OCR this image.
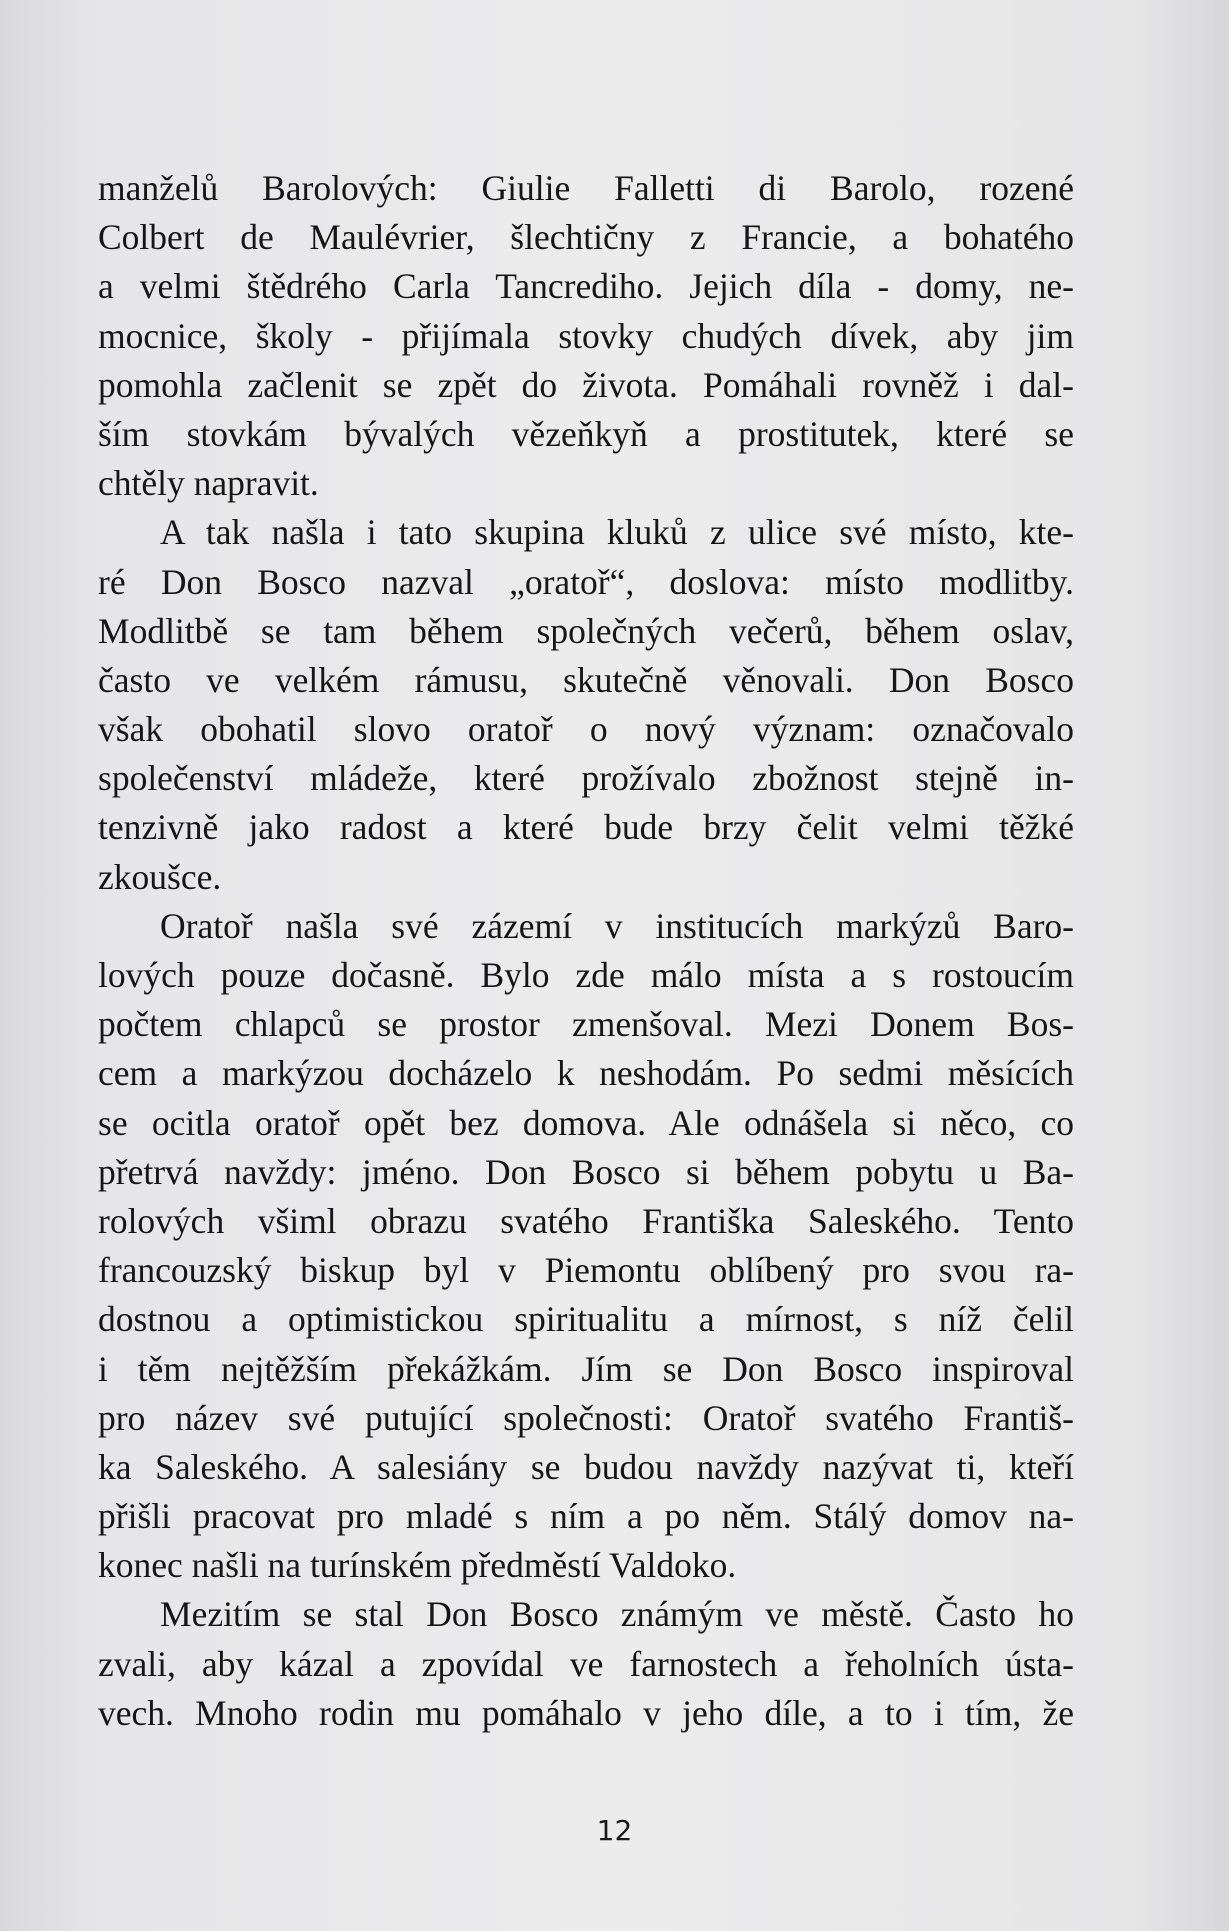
manželů Barolových: Giulie Falletti di Barolo, rozené
Colbert de Maulévrier, šlechtičny z Francie, a bohatého
a velmi štědrého Carla Tancrediho. Jejich díla - domy, ne-
mocnice, školy - přijímala stovky chudých dívek, aby jim
pomohla začlenit se zpět do života. Pomáhali rovněž i dal-
ším stovkám bývalých vězeňkyň a prostitutek, které se
chtěly napravit.
A tak našla i tato skupina kluků z ulice své místo, kte-
ré Don Bosco nazval „oratoř“, doslova: místo modlitby.
Modlitbě se tam během společných večerů, během oslav,
často ve velkém rámusu, skutečně věnovali. Don Bosco
však obohatil slovo oratoř o nový význam: označovalo
společenství mládeže, které prožívalo zbožnost stejně in-
tenzivně jako radost a které bude brzy čelit velmi těžké
zkoušce.
Oratoř našla své zázemí v institucích markýzů Baro-
lových pouze dočasně. Bylo zde málo místa a s rostoucím
počtem chlapců se prostor zmenšoval. Mezi Donem Bos-
cem a markýzou docházelo k neshodám. Po sedmi měsících
se ocitla oratoř opět bez domova. Ale odnášela si něco, co
přetrvá navždy: jméno. Don Bosco si během pobytu u Ba-
rolových všiml obrazu svatého Františka Saleského. Tento
francouzský biskup byl v Piemontu oblíbený pro svou ra-
dostnou a optimistickou spiritualitu a mírnost, s níž čelil
i těm nejtěžším překážkám. Jím se Don Bosco inspiroval
pro název své putující společnosti: Oratoř svatého Františ-
ka Saleského. A salesiány se budou navždy nazývat ti, kteří
přišli pracovat pro mladé s ním a po něm. Stálý domov na-
konec našli na turínském předměstí Valdoko.
Mezitím se stal Don Bosco známým ve městě. Často ho
zvali, aby kázal a zpovídal ve farnostech a řeholních ústa-
vech. Mnoho rodin mu pomáhalo v jeho díle, a to i tím, že
12
